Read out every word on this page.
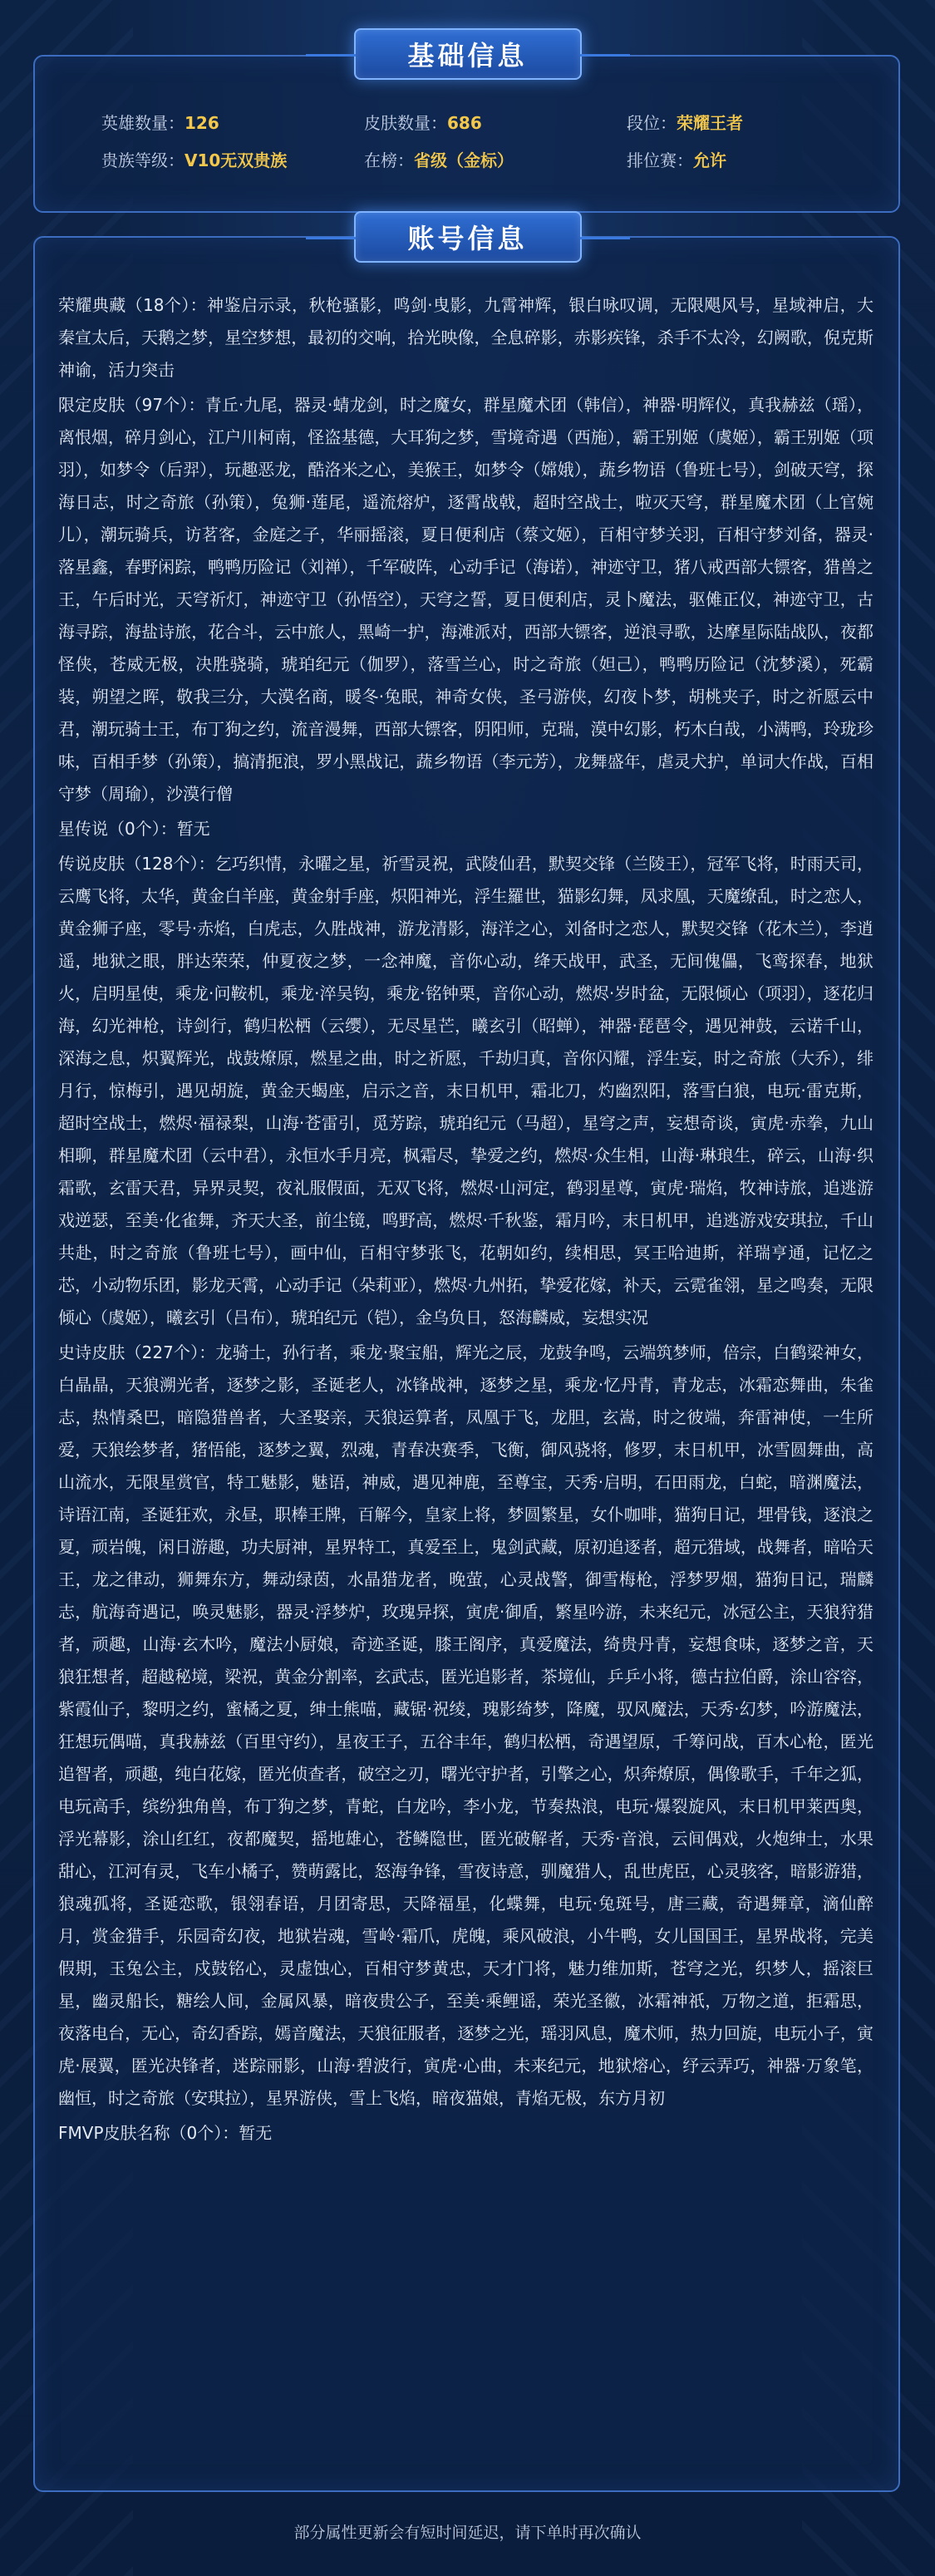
基础信息
英雄数量：126	皮肤数量：686	段位：荣耀王者
贵族等级：V10无双贵族	在榜：省级（金标）	排位赛：允许
账号信息

荣耀典藏（18个）：神鉴启示录，秋枪骚影，鸣剑·曳影，九霄神辉，银白咏叹调，无限飓风号，星域神启，大秦宣太后，天鹅之梦，星空梦想，最初的交响，拾光映像，全息碎影，赤影疾锋，杀手不太冷，幻阙歌，倪克斯神谕，活力突击

限定皮肤（97个）：青丘·九尾，器灵·蜻龙剑，时之魔女，群星魔术团（韩信），神器·明辉仪，真我赫兹（瑶），离恨烟，碎月剑心，江户川柯南，怪盗基德，大耳狗之梦，雪境奇遇（西施），霸王别姬（虞姬），霸王别姬（项羽），如梦令（后羿），玩趣恶龙，酷洛米之心，美猴王，如梦令（嫦娥），蔬乡物语（鲁班七号），剑破天穹，探海日志，时之奇旅（孙策），兔狮·莲尾，遥流熔炉，逐霄战戟，超时空战士，啦灭天穹，群星魔术团（上官婉儿），潮玩骑兵，访茗客，金庭之子，华丽摇滚，夏日便利店（蔡文姬），百相守梦关羽，百相守梦刘备，器灵·落星鑫，春野闲踪，鸭鸭历险记（刘禅），千军破阵，心动手记（海诺），神迹守卫，猪八戒西部大镖客，猎兽之王，午后时光，天穹祈灯，神迹守卫（孙悟空），天穹之誓，夏日便利店，灵卜魔法，驱傩正仪，神迹守卫，古海寻踪，海盐诗旅，花合斗，云中旅人，黑崎一护，海滩派对，西部大镖客，逆浪寻歌，达摩星际陆战队，夜都怪侠，苍威无极，决胜骁骑，琥珀纪元（伽罗），落雪兰心，时之奇旅（妲己），鸭鸭历险记（沈梦溪），死霸装，朔望之晖，敬我三分，大漠名商，暖冬·兔眠，神奇女侠，圣弓游侠，幻夜卜梦，胡桃夹子，时之祈愿云中君，潮玩骑士王，布丁狗之约，流音漫舞，西部大镖客，阴阳师，克瑞，漠中幻影，朽木白哉，小满鸭，玲珑珍味，百相手梦（孙策），搞清扼浪，罗小黑战记，蔬乡物语（李元芳），龙舞盛年，虐灵犬护，单词大作战，百相守梦（周瑜），沙漠行僧

星传说（0个）：暂无

传说皮肤（128个）：乞巧织情，永曜之星，祈雪灵祝，武陵仙君，默契交锋（兰陵王），冠军飞将，时雨天司，云鹰飞将，太华，黄金白羊座，黄金射手座，炽阳神光，浮生羅世，猫影幻舞，凤求凰，天魔缭乱，时之恋人，黄金狮子座，零号·赤焰，白虎志，久胜战神，游龙清影，海洋之心，刘备时之恋人，默契交锋（花木兰），李逍遥，地狱之眼，胖达荣荣，仲夏夜之梦，一念神魔，音你心动，绛天战甲，武圣，无间傀儡，飞鸾探春，地狱火，启明星使，乘龙·问鞍机，乘龙·淬吴钩，乘龙·铭钟栗，音你心动，燃烬·岁时盆，无限倾心（项羽），逐花归海，幻光神枪，诗剑行，鹤归松栖（云缨），无尽星芒，曦玄引（昭蝉），神器·琵琶令，遇见神鼓，云诺千山，深海之息，炽翼辉光，战鼓燎原，燃星之曲，时之祈愿，千劫归真，音你闪耀，浮生妄，时之奇旅（大乔），绯月行，惊梅引，遇见胡旋，黄金天蝎座，启示之音，末日机甲，霜北刀，灼幽烈阳，落雪白狼，电玩·雷克斯，超时空战士，燃烬·福禄梨，山海·苍雷引，觅芳踪，琥珀纪元（马超），星穹之声，妄想奇谈，寅虎·赤拳，九山相聊，群星魔术团（云中君），永恒水手月亮，枫霜尽，挚爱之约，燃烬·众生相，山海·琳琅生，碎云，山海·织霜歌，玄雷天君，异界灵契，夜礼服假面，无双飞将，燃烬·山河定，鹤羽星尊，寅虎·瑞焰，牧神诗旅，追逃游戏逆瑟，至美·化雀舞，齐天大圣，前尘镜，鸣野高，燃烬·千秋鉴，霜月吟，末日机甲，追逃游戏安琪拉，千山共赴，时之奇旅（鲁班七号），画中仙，百相守梦张飞，花朝如约，续相思，冥王哈迪斯，祥瑞亨通，记忆之芯，小动物乐团，影龙天霄，心动手记（朵莉亚），燃烬·九州拓，挚爱花嫁，补天，云霓雀翎，星之鸣奏，无限倾心（虞姬），曦玄引（吕布），琥珀纪元（铠），金乌负日，怒海麟威，妄想实况

史诗皮肤（227个）：龙骑士，孙行者，乘龙·聚宝船，辉光之辰，龙鼓争鸣，云端筑梦师，倍宗，白鹤梁神女，白晶晶，天狼溯光者，逐梦之影，圣诞老人，冰锋战神，逐梦之星，乘龙·忆丹青，青龙志，冰霜恋舞曲，朱雀志，热情桑巴，暗隐猎兽者，大圣娶亲，天狼运算者，凤凰于飞，龙胆，玄嵩，时之彼端，奔雷神使，一生所爱，天狼绘梦者，猪悟能，逐梦之翼，烈魂，青春决赛季，飞衡，御风骁将，修罗，末日机甲，冰雪圆舞曲，高山流水，无限星赏官，特工魅影，魅语，神威，遇见神鹿，至尊宝，天秀·启明，石田雨龙，白蛇，暗渊魔法，诗语江南，圣诞狂欢，永昼，职棒王牌，百解今，皇家上将，梦圆繁星，女仆咖啡，猫狗日记，埋骨钱，逐浪之夏，顽岩魄，闲日游趣，功夫厨神，星界特工，真爱至上，鬼剑武藏，原初追逐者，超元猎域，战舞者，暗哈天王，龙之律动，狮舞东方，舞动绿茵，水晶猎龙者，晚萤，心灵战警，御雪梅枪，浮梦罗烟，猫狗日记，瑞麟志，航海奇遇记，唤灵魅影，器灵·浮梦炉，玫瑰异探，寅虎·御盾，繁星吟游，未来纪元，冰冠公主，天狼狩猎者，顽趣，山海·玄木吟，魔法小厨娘，奇迹圣诞，膝王阁序，真爱魔法，绮贵丹青，妄想食味，逐梦之音，天狼狂想者，超越秘境，梁祝，黄金分割率，玄武志，匿光追影者，茶境仙，乒乒小将，德古拉伯爵，涂山容容，紫霞仙子，黎明之约，蜜橘之夏，绅士熊喵，藏锯·祝绫，瑰影绮梦，降魔，驭风魔法，天秀·幻梦，吟游魔法，狂想玩偶喵，真我赫兹（百里守约），星夜王子，五谷丰年，鹤归松栖，奇遇望原，千筹问战，百木心枪，匿光追智者，顽趣，纯白花嫁，匿光侦查者，破空之刃，曙光守护者，引擎之心，炽奔燎原，偶像歌手，千年之狐，电玩高手，缤纷独角兽，布丁狗之梦，青蛇，白龙吟，李小龙，节奏热浪，电玩·爆裂旋风，末日机甲莱西奥，浮光幕影，涂山红红，夜都魔契，摇地雄心，苍鳞隐世，匿光破解者，天秀·音浪，云间偶戏，火炮绅士，水果甜心，江河有灵，飞车小橘子，赞萌露比，怒海争锋，雪夜诗意，驯魔猎人，乱世虎臣，心灵骇客，暗影游猎，狼魂孤将，圣诞恋歌，银翎春语，月团寄思，天降福星，化蝶舞，电玩·兔斑号，唐三藏，奇遇舞章，滴仙醉月，赏金猎手，乐园奇幻夜，地狱岩魂，雪岭·霜爪，虎魄，乘风破浪，小牛鸭，女儿国国王，星界战将，完美假期，玉兔公主，戍鼓铭心，灵虚蚀心，百相守梦黄忠，天才门将，魅力维加斯，苍穹之光，织梦人，摇滚巨星，幽灵船长，糖绘人间，金属风暴，暗夜贵公子，至美·乘鲤谣，荣光圣徽，冰霜神祇，万物之道，拒霜思，夜落电台，无心，奇幻香踪，嫣音魔法，天狼征服者，逐梦之光，瑶羽风息，魔术师，热力回旋，电玩小子，寅虎·展翼，匿光决锋者，迷踪丽影，山海·碧波行，寅虎·心曲，未来纪元，地狱熔心，纾云弄巧，神器·万象笔，幽恒，时之奇旅（安琪拉），星界游侠，雪上飞焰，暗夜猫娘，青焰无极，东方月初

FMVP皮肤名称（0个）：暂无

部分属性更新会有短时间延迟，请下单时再次确认
